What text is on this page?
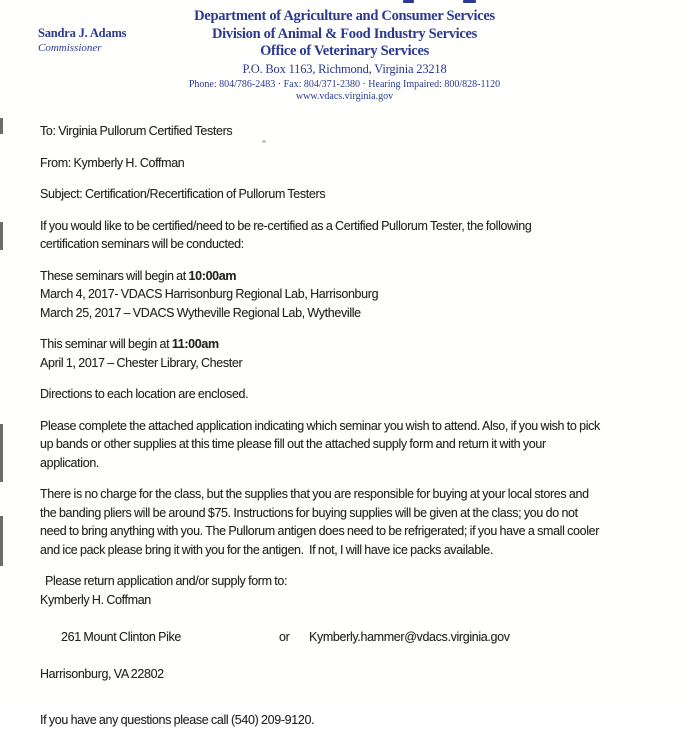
Sandra J. Adams
Commissioner
Department of Agriculture and Consumer Services
Division of Animal & Food Industry Services
Office of Veterinary Services
P.O. Box 1163, Richmond, Virginia 23218
Phone: 804/786-2483 · Fax: 804/371-2380 · Hearing Impaired: 800/828-1120
www.vdacs.virginia.gov
To: Virginia Pullorum Certified Testers
From: Kymberly H. Coffman
Subject: Certification/Recertification of Pullorum Testers
If you would like to be certified/need to be re-certified as a Certified Pullorum Tester, the following
certification seminars will be conducted:
These seminars will begin at 10:00am
March 4, 2017- VDACS Harrisonburg Regional Lab, Harrisonburg
March 25, 2017 – VDACS Wytheville Regional Lab, Wytheville
This seminar will begin at 11:00am
April 1, 2017 – Chester Library, Chester
Directions to each location are enclosed.
Please complete the attached application indicating which seminar you wish to attend. Also, if you wish to pick
up bands or other supplies at this time please fill out the attached supply form and return it with your
application.
There is no charge for the class, but the supplies that you are responsible for buying at your local stores and
the banding pliers will be around $75. Instructions for buying supplies will be given at the class; you do not
need to bring anything with you. The Pullorum antigen does need to be refrigerated; if you have a small cooler
and ice pack please bring it with you for the antigen.  If not, I will have ice packs available.
Please return application and/or supply form to:
Kymberly H. Coffman

261 Mount Clinton Pike	or Kymberly.hammer@vdacs.virginia.gov

Harrisonburg, VA 22802
If you have any questions please call (540) 209-9120.
